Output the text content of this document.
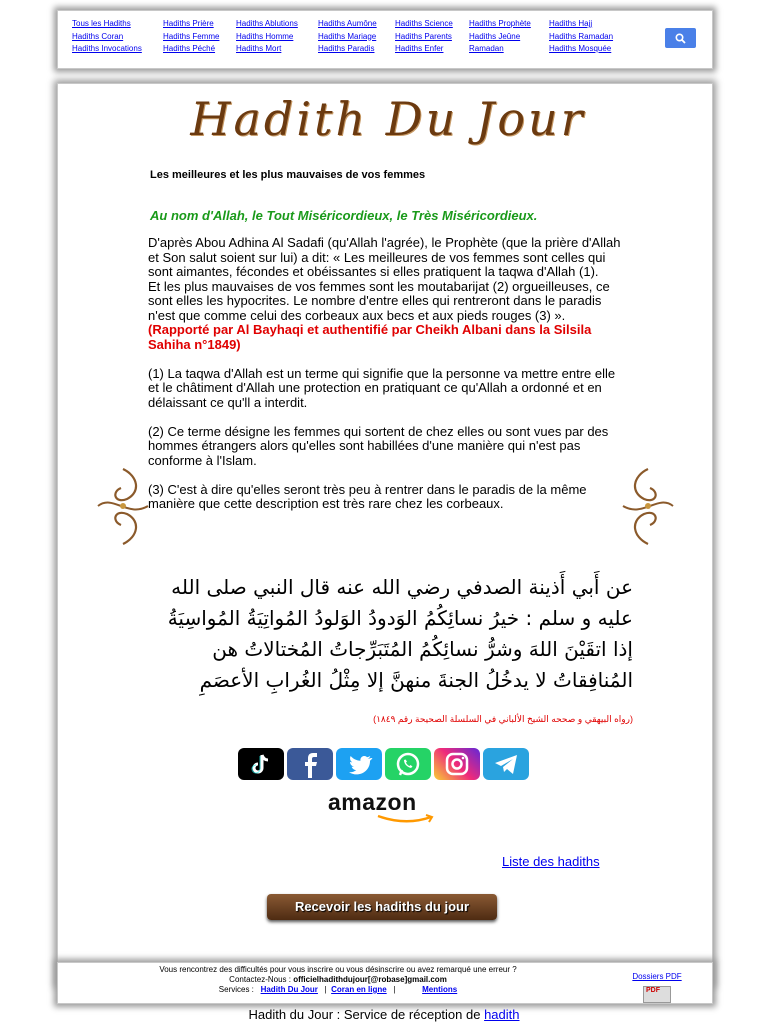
Tous les Hadiths	Hadiths Prière	Hadiths Ablutions	Hadiths Aumône	Hadiths Science	Hadiths Prophète	Hadiths Hajj
Hadiths Coran	Hadiths Femme	Hadiths Homme	Hadiths Mariage	Hadiths Parents	Hadiths Jeûne	Hadiths Ramadan
Hadiths Invocations	Hadiths Péché	Hadiths Mort	Hadiths Paradis	Hadiths Enfer	Ramadan	Hadiths Mosquée
Hadith Du Jour
Les meilleures et les plus mauvaises de vos femmes
Au nom d'Allah, le Tout Miséricordieux, le Très Miséricordieux.

D'après Abou Adhina Al Sadafi (qu'Allah l'agrée), le Prophète (que la prière d'Allah et Son salut soient sur lui) a dit: « Les meilleures de vos femmes sont celles qui sont aimantes, fécondes et obéissantes si elles pratiquent la taqwa d'Allah (1).

Et les plus mauvaises de vos femmes sont les moutabarijat (2) orgueilleuses, ce sont elles les hypocrites. Le nombre d'entre elles qui rentreront dans le paradis n'est que comme celui des corbeaux aux becs et aux pieds rouges (3) ».

(Rapporté par Al Bayhaqi et authentifié par Cheikh Albani dans la Silsila Sahiha n°1849)

(1) La taqwa d'Allah est un terme qui signifie que la personne va mettre entre elle et le châtiment d'Allah une protection en pratiquant ce qu'Allah a ordonné et en délaissant ce qu'll a interdit.

(2) Ce terme désigne les femmes qui sortent de chez elles ou sont vues par des hommes étrangers alors qu'elles sont habillées d'une manière qui n'est pas conforme à l'Islam.

(3) C'est à dire qu'elles seront très peu à rentrer dans le paradis de la même manière que cette description est très rare chez les corbeaux.

عن أَبي أَذينة الصدفي رضي الله عنه قال النبي صلى الله عليه و سلم : خيرُ نسائِكُمُ الوَدودُ الوَلودُ المُواتِيَةُ المُواسِيَةُ إذا اتقَيْنَ اللهَ وشرُّ نسائِكُمُ المُتَبَرِّجاتُ المُختالاتُ هن المُنافِقاتُ لا يدخُلُ الجنةَ منهنَّ إلا مِثْلُ الغُرابِ الأعصَمِ
(رواه البيهقي و صححه الشيخ الألباني في السلسلة الصحيحة رقم ١٨٤٩)
amazon
Liste des hadiths
Recevoir les hadiths du jour
Vous rencontrez des difficultés pour vous inscrire ou vous désinscrire ou avez remarqué une erreur ?
Contactez-Nous : officielhadithdujour[@robase]gmail.com
Services : Hadith Du Jour   |  Coran en ligne   |            Mentions
Dossiers PDF
PDF
Hadith du Jour : Service de réception de hadith
